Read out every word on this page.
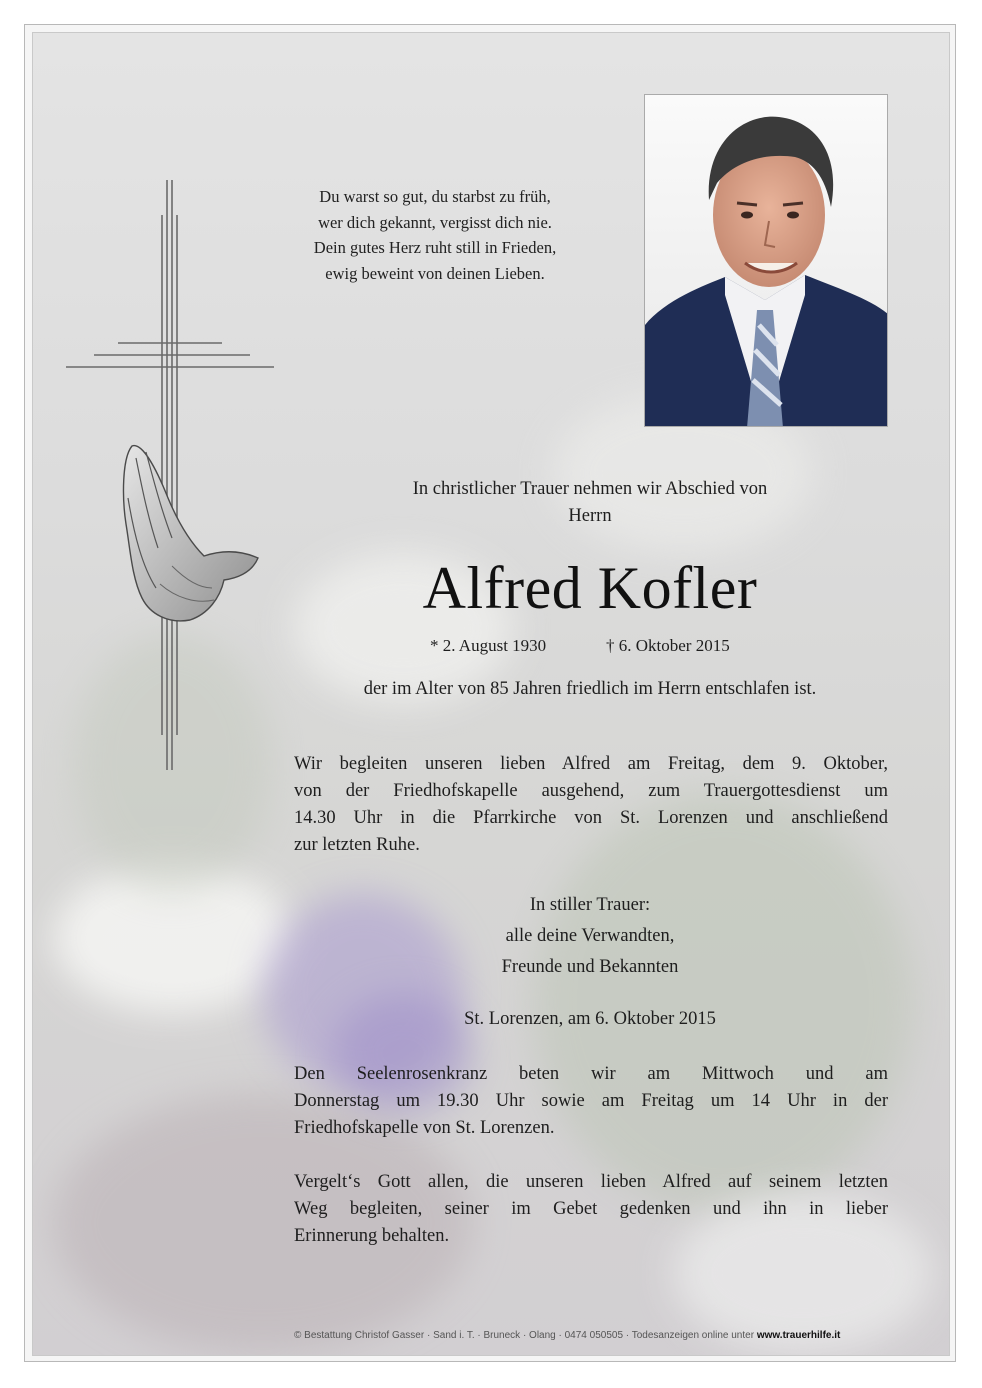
Du warst so gut, du starbst zu früh,
wer dich gekannt, vergisst dich nie.
Dein gutes Herz ruht still in Frieden,
ewig beweint von deinen Lieben.
In christlicher Trauer nehmen wir Abschied von
Herrn
Alfred Kofler
* 2. August 1930	† 6. Oktober 2015
der im Alter von 85 Jahren friedlich im Herrn entschlafen ist.
Wir begleiten unseren lieben Alfred am Freitag, dem 9. Oktober,
von der Friedhofskapelle ausgehend, zum Trauergottesdienst um
14.30 Uhr in die Pfarrkirche von St. Lorenzen und anschließend
zur letzten Ruhe.
In stiller Trauer:
alle deine Verwandten,
Freunde und Bekannten
St. Lorenzen, am 6. Oktober 2015
Den Seelenrosenkranz beten wir am Mittwoch und am
Donnerstag um 19.30 Uhr sowie am Freitag um 14 Uhr in der
Friedhofskapelle von St. Lorenzen.
Vergelt‘s Gott allen, die unseren lieben Alfred auf seinem letzten
Weg begleiten, seiner im Gebet gedenken und ihn in lieber
Erinnerung behalten.
© Bestattung Christof Gasser · Sand i. T. · Bruneck · Olang · 0474 050505 · Todesanzeigen online unter www.trauerhilfe.it
